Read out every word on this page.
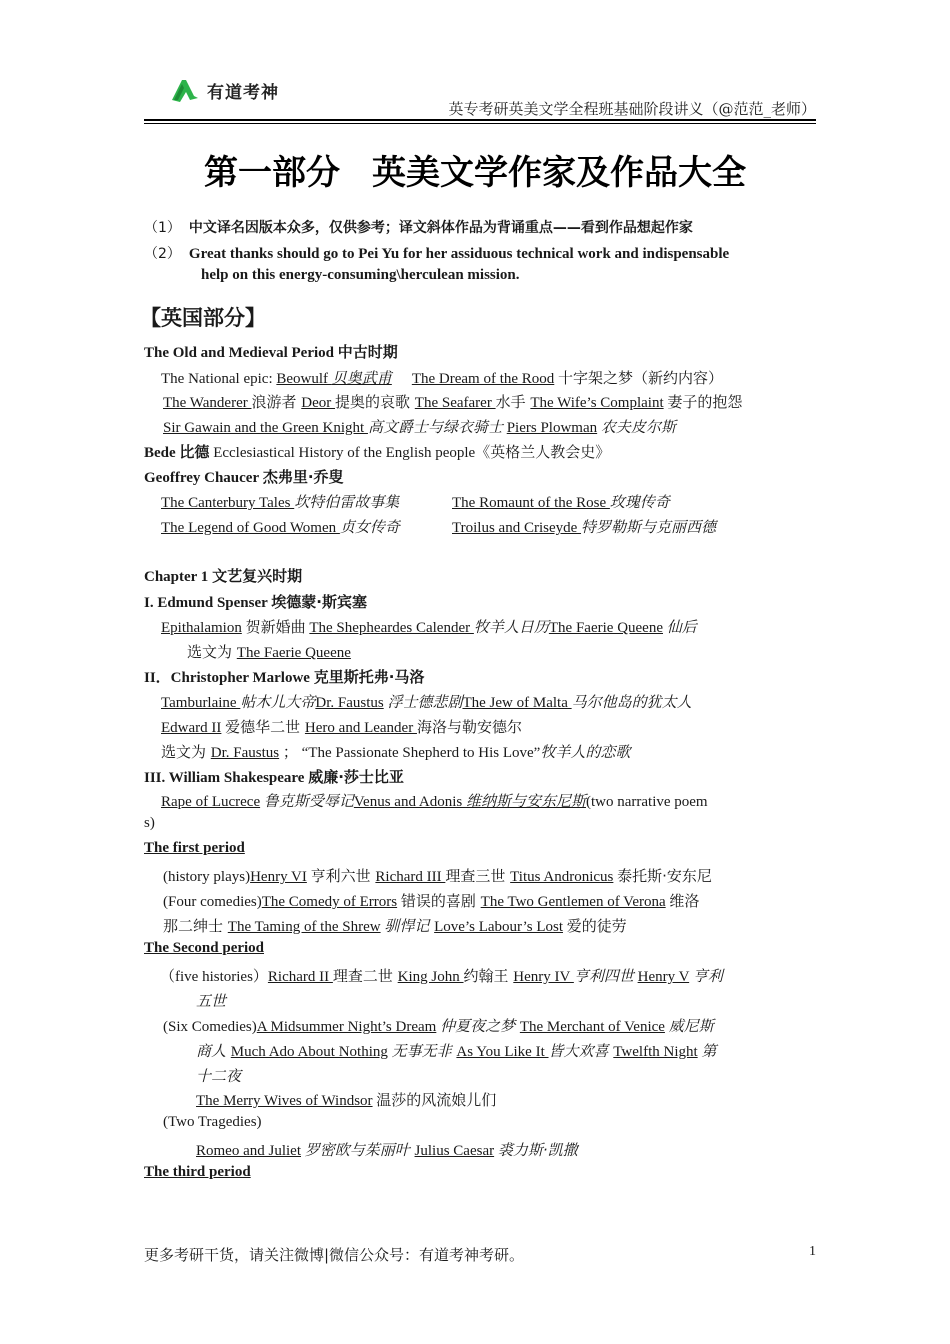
有道考神
英专考研英美文学全程班基础阶段讲义（@范范_老师）
第一部分 英美文学作家及作品大全
（1） 中文译名因版本众多，仅供参考；译文斜体作品为背诵重点——看到作品想起作家
（2） Great thanks should go to Pei Yu for her assiduous technical work and indispensable
help on this energy-consuming\herculean mission.
【英国部分】
The Old and Medieval Period 中古时期
The National epic: Beowulf 贝奥武甫 The Dream of the Rood 十字架之梦（新约内容）
The Wanderer 浪游者 Deor 提奥的哀歌 The Seafarer 水手 The Wife’s Complaint 妻子的抱怨
Sir Gawain and the Green Knight 高文爵士与绿衣骑士 Piers Plowman 农夫皮尔斯
Bede 比德 Ecclesiastical History of the English people《英格兰人教会史》
Geoffrey Chaucer 杰弗里·乔叟
The Canterbury Tales 坎特伯雷故事集	The Romaunt of the Rose 玫瑰传奇
The Legend of Good Women 贞女传奇	Troilus and Criseyde 特罗勒斯与克丽西德
Chapter 1 文艺复兴时期
I. Edmund Spenser 埃德蒙·斯宾塞
Epithalamion 贺新婚曲 The Shepheardes Calender 牧羊人日历The Faerie Queene 仙后
选文为 The Faerie Queene
II．Christopher Marlowe 克里斯托弗·马洛
Tamburlaine 帖木儿大帝Dr. Faustus 浮士德悲剧The Jew of Malta 马尔他岛的犹太人
Edward II 爱德华二世 Hero and Leander 海洛与勒安德尔
选文为 Dr. Faustus ； “The Passionate Shepherd to His Love”牧羊人的恋歌
III. William Shakespeare 威廉·莎士比亚
Rape of Lucrece 鲁克斯受辱记Venus and Adonis 维纳斯与安东尼斯(two narrative poem
s)
The first period
(history plays)Henry VI 亨利六世 Richard III 理查三世 Titus Andronicus 泰托斯·安东尼
(Four comedies)The Comedy of Errors 错误的喜剧 The Two Gentlemen of Verona 维洛
那二绅士 The Taming of the Shrew 驯悍记 Love’s Labour’s Lost 爱的徒劳
The Second period
（five histories）Richard II 理查二世 King John 约翰王 Henry IV 亨利四世 Henry V 亨利
五世
(Six Comedies)A Midsummer Night’s Dream 仲夏夜之梦 The Merchant of Venice 威尼斯
商人 Much Ado About Nothing 无事无非 As You Like It 皆大欢喜 Twelfth Night 第
十二夜
The Merry Wives of Windsor 温莎的风流娘儿们
(Two Tragedies)
Romeo and Juliet 罗密欧与茱丽叶 Julius Caesar 裘力斯·凯撒
The third period
更多考研干货，请关注微博|微信公众号：有道考神考研。	1
